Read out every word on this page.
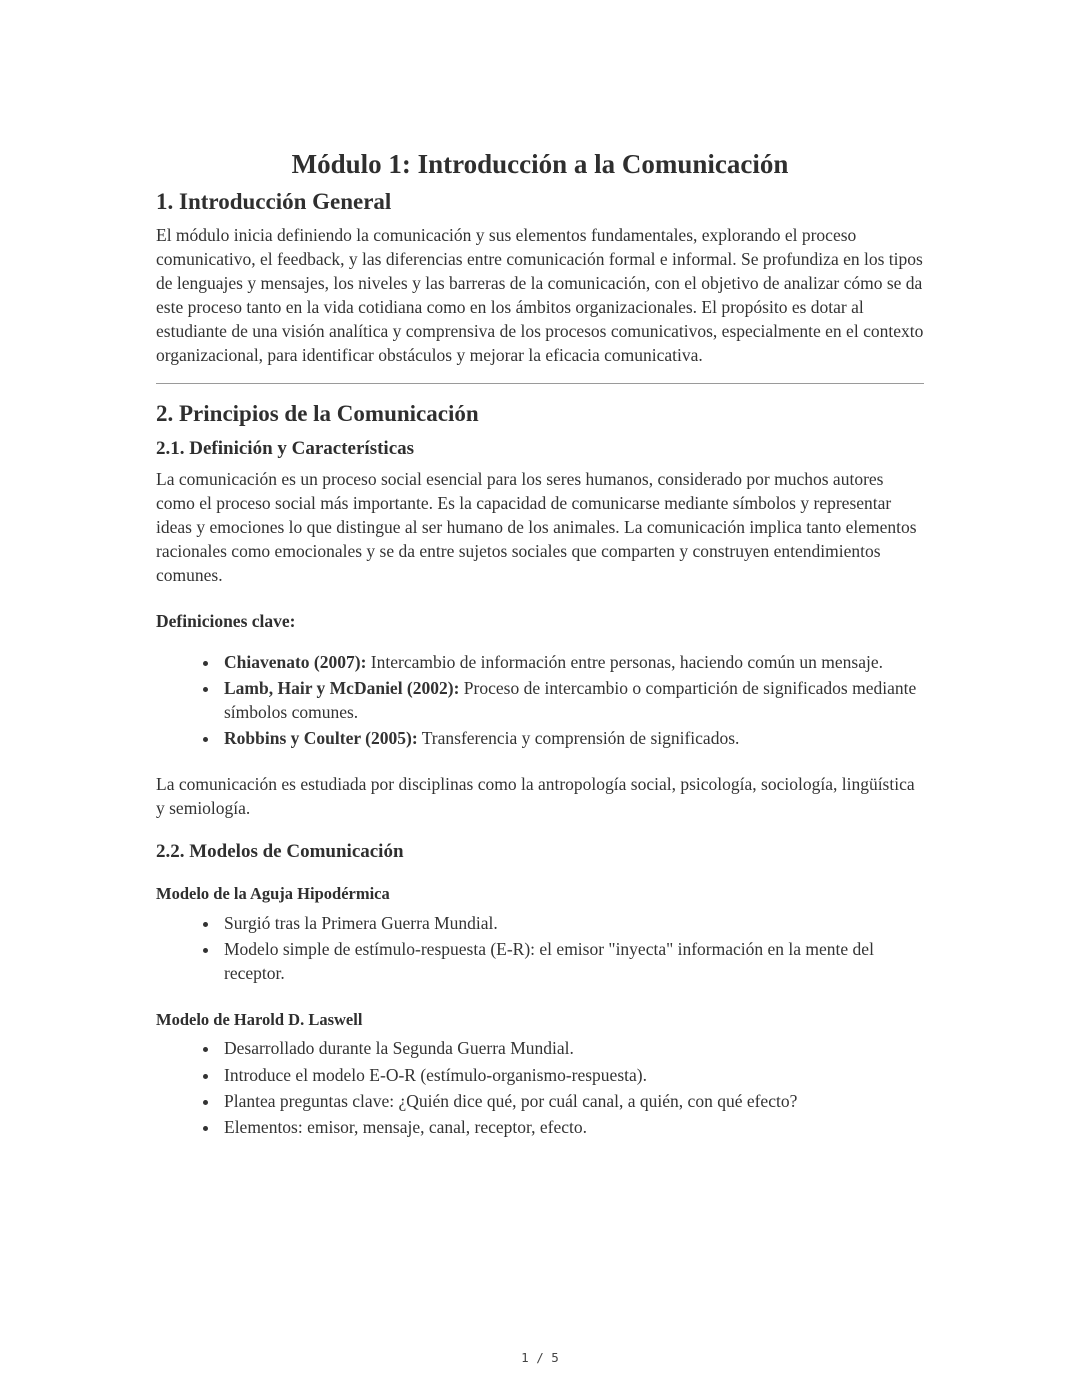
Módulo 1: Introducción a la Comunicación
1. Introducción General

El módulo inicia definiendo la comunicación y sus elementos fundamentales, explorando el proceso comunicativo, el feedback, y las diferencias entre comunicación formal e informal. Se profundiza en los tipos de lenguajes y mensajes, los niveles y las barreras de la comunicación, con el objetivo de analizar cómo se da este proceso tanto en la vida cotidiana como en los ámbitos organizacionales. El propósito es dotar al estudiante de una visión analítica y comprensiva de los procesos comunicativos, especialmente en el contexto organizacional, para identificar obstáculos y mejorar la eficacia comunicativa.

2. Principios de la Comunicación
2.1. Definición y Características

La comunicación es un proceso social esencial para los seres humanos, considerado por muchos autores como el proceso social más importante. Es la capacidad de comunicarse mediante símbolos y representar ideas y emociones lo que distingue al ser humano de los animales. La comunicación implica tanto elementos racionales como emocionales y se da entre sujetos sociales que comparten y construyen entendimientos comunes.

Definiciones clave:

• Chiavenato (2007): Intercambio de información entre personas, haciendo común un mensaje.
• Lamb, Hair y McDaniel (2002): Proceso de intercambio o compartición de significados mediante símbolos comunes.
• Robbins y Coulter (2005): Transferencia y comprensión de significados.

La comunicación es estudiada por disciplinas como la antropología social, psicología, sociología, lingüística y semiología.

2.2. Modelos de Comunicación
Modelo de la Aguja Hipodérmica
• Surgió tras la Primera Guerra Mundial.
• Modelo simple de estímulo-respuesta (E-R): el emisor "inyecta" información en la mente del receptor.
Modelo de Harold D. Laswell
• Desarrollado durante la Segunda Guerra Mundial.
• Introduce el modelo E-O-R (estímulo-organismo-respuesta).
• Plantea preguntas clave: ¿Quién dice qué, por cuál canal, a quién, con qué efecto?
• Elementos: emisor, mensaje, canal, receptor, efecto.
1 / 5
